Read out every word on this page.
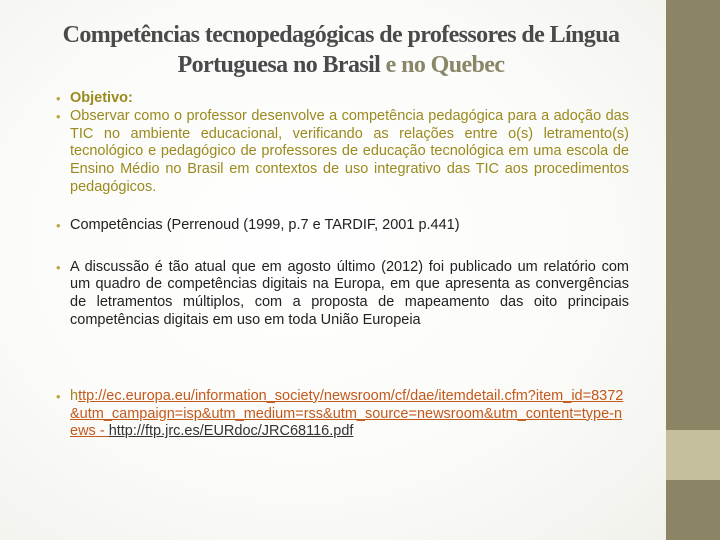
Competências tecnopedagógicas de professores de Língua Portuguesa no Brasil e no Quebec
• Objetivo:
• Observar como o professor desenvolve a competência pedagógica para a adoção das TIC no ambiente educacional, verificando as relações entre o(s) letramento(s) tecnológico e pedagógico de professores de educação tecnológica em uma escola de Ensino Médio no Brasil em contextos de uso integrativo das TIC aos procedimentos pedagógicos.
• Competências (Perrenoud (1999, p.7 e TARDIF, 2001 p.441)
• A discussão é tão atual que em agosto último (2012) foi publicado um relatório com um quadro de competências digitais na Europa, em que apresenta as convergências de letramentos múltiplos, com a proposta de mapeamento das oito principais competências digitais em uso em toda União Europeia
• http://ec.europa.eu/information_society/newsroom/cf/dae/itemdetail.cfm?item_id=8372&utm_campaign=isp&utm_medium=rss&utm_source=newsroom&utm_content=type-news - http://ftp.jrc.es/EURdoc/JRC68116.pdf
